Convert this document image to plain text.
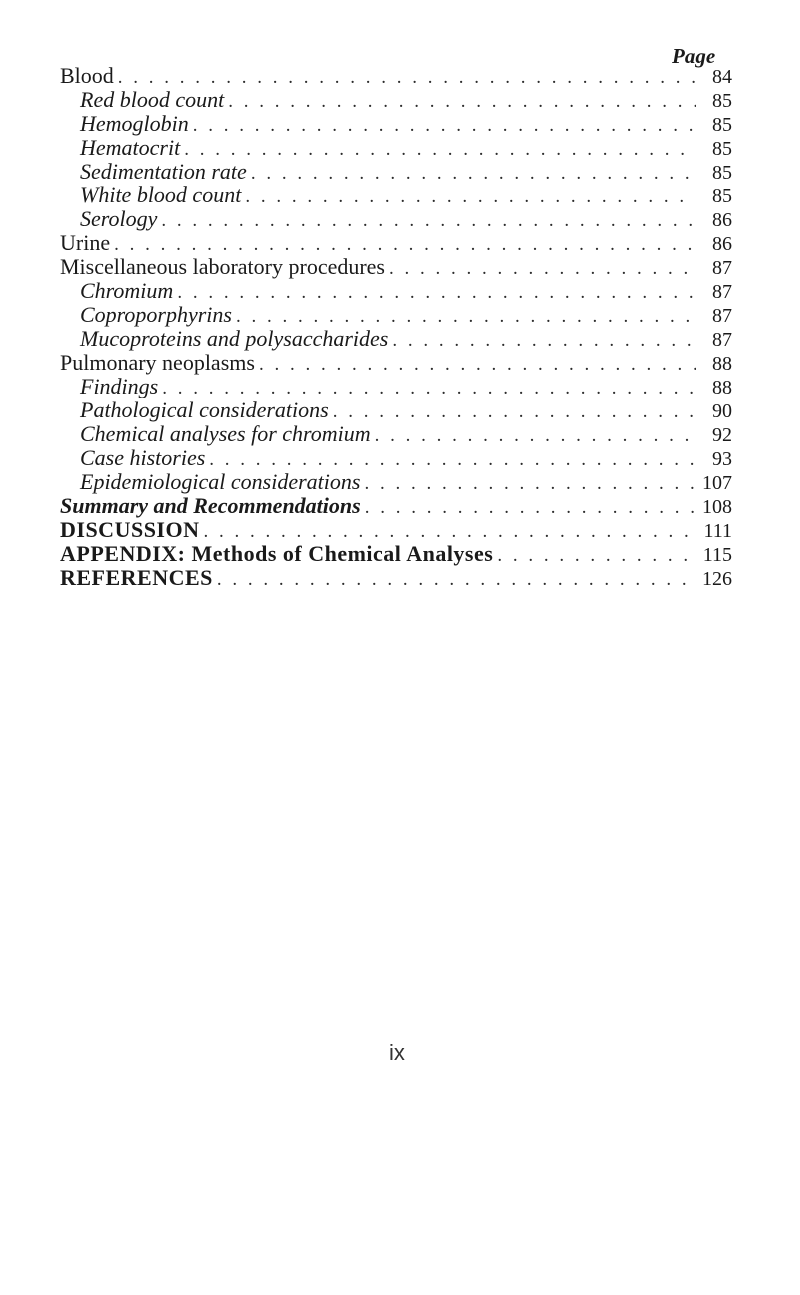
Page
Blood . . .	84
Red blood count . . .	85
Hemoglobin . . .	85
Hematocrit . . .	85
Sedimentation rate . . .	85
White blood count . . .	85
Serology . . .	86
Urine . . .	86
Miscellaneous laboratory procedures . . .	87
Chromium . . .	87
Coproporphyrins . . .	87
Mucoproteins and polysaccharides . . .	87
Pulmonary neoplasms . . .	88
Findings . . .	88
Pathological considerations . . .	90
Chemical analyses for chromium . . .	92
Case histories . . .	93
Epidemiological considerations . . .	107
Summary and Recommendations . . .	108
DISCUSSION . . .	111
APPENDIX: Methods of Chemical Analyses . . .	115
REFERENCES . . .	126
ix
